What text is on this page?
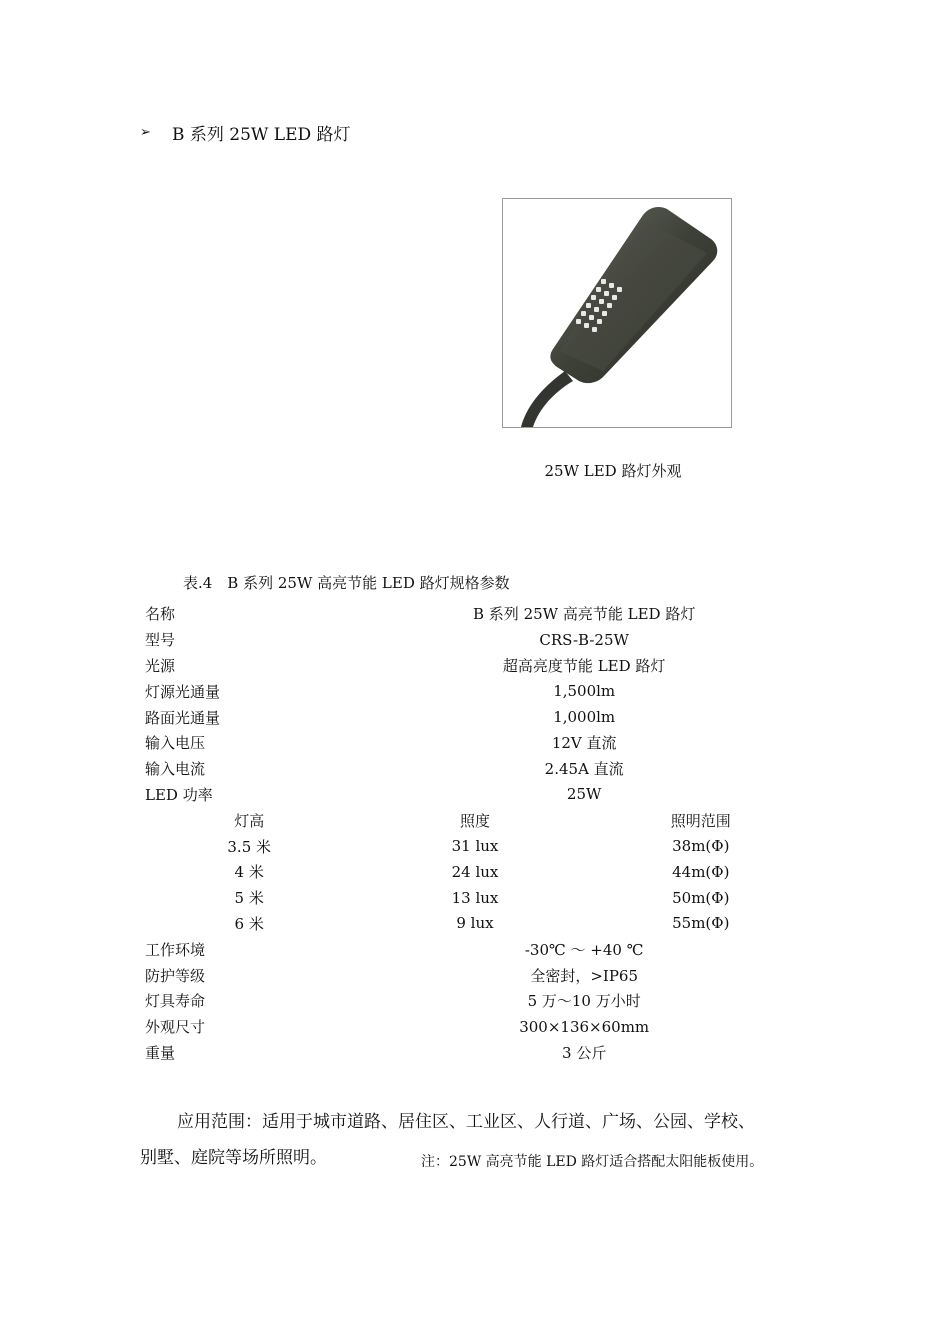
➢	B 系列 25W LED 路灯
25W LED 路灯外观
表.4　B 系列 25W 高亮节能 LED 路灯规格参数
名称	B 系列 25W 高亮节能 LED 路灯
型号	CRS-B-25W
光源	超高亮度节能 LED 路灯
灯源光通量	1,500lm
路面光通量	1,000lm
输入电压	12V 直流
输入电流	2.45A 直流
LED 功率	25W
灯高	照度	照明范围
3.5 米	31 lux	38m(Φ)
4 米	24 lux	44m(Φ)
5 米	13 lux	50m(Φ)
6 米	9 lux	55m(Φ)
工作环境	-30℃ ～ +40 ℃
防护等级	全密封，>IP65
灯具寿命	5 万～10 万小时
外观尺寸	300×136×60mm
重量	3 公斤
应用范围：适用于城市道路、居住区、工业区、人行道、广场、公园、学校、
别墅、庭院等场所照明。	注：25W 高亮节能 LED 路灯适合搭配太阳能板使用。
